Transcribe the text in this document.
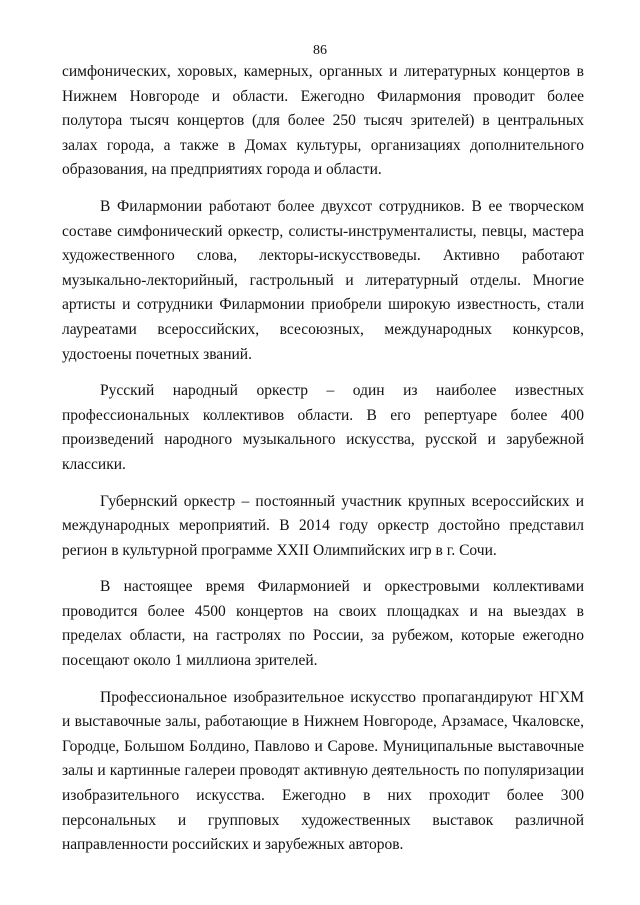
86

симфонических, хоровых, камерных, органных и литературных концертов в Нижнем Новгороде и области. Ежегодно Филармония проводит более полутора тысяч концертов (для более 250 тысяч зрителей) в центральных залах города, а также в Домах культуры, организациях дополнительного образования, на предприятиях города и области.

В Филармонии работают более двухсот сотрудников. В ее творческом составе симфонический оркестр, солисты-инструменталисты, певцы, мастера художественного слова, лекторы-искусствоведы. Активно работают музыкально-лекторийный, гастрольный и литературный отделы. Многие артисты и сотрудники Филармонии приобрели широкую известность, стали лауреатами всероссийских, всесоюзных, международных конкурсов, удостоены почетных званий.

Русский народный оркестр – один из наиболее известных профессиональных коллективов области. В его репертуаре более 400 произведений народного музыкального искусства, русской и зарубежной классики.

Губернский оркестр – постоянный участник крупных всероссийских и международных мероприятий. В 2014 году оркестр достойно представил регион в культурной программе XXII Олимпийских игр в г. Сочи.

В настоящее время Филармонией и оркестровыми коллективами проводится более 4500 концертов на своих площадках и на выездах в пределах области, на гастролях по России, за рубежом, которые ежегодно посещают около 1 миллиона зрителей.

Профессиональное изобразительное искусство пропагандируют НГХМ и выставочные залы, работающие в Нижнем Новгороде, Арзамасе, Чкаловске, Городце, Большом Болдино, Павлово и Сарове. Муниципальные выставочные залы и картинные галереи проводят активную деятельность по популяризации изобразительного искусства. Ежегодно в них проходит более 300 персональных и групповых художественных выставок различной направленности российских и зарубежных авторов.
